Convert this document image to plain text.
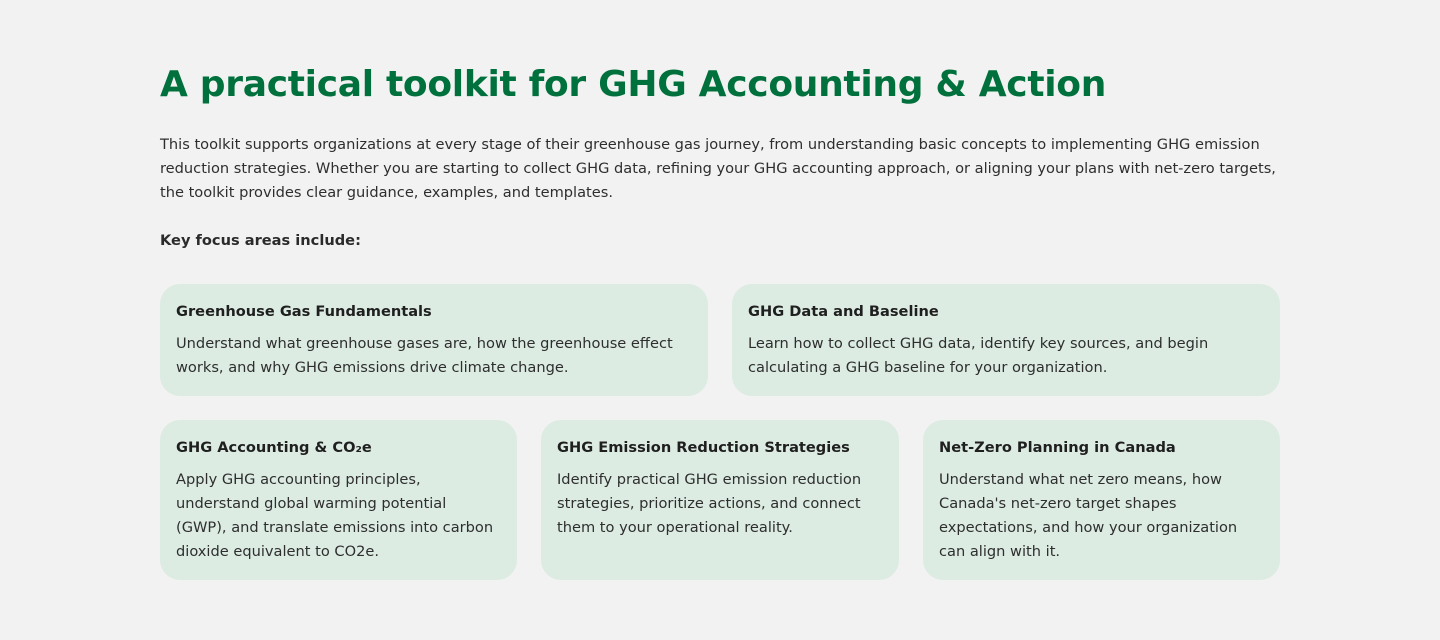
A practical toolkit for GHG Accounting & Action

This toolkit supports organizations at every stage of their greenhouse gas journey, from understanding basic concepts to implementing GHG emission reduction strategies. Whether you are starting to collect GHG data, refining your GHG accounting approach, or aligning your plans with net-zero targets, the toolkit provides clear guidance, examples, and templates.

Key focus areas include:

Greenhouse Gas Fundamentals

Understand what greenhouse gases are, how the greenhouse effect works, and why GHG emissions drive climate change.

GHG Data and Baseline

Learn how to collect GHG data, identify key sources, and begin calculating a GHG baseline for your organization.

GHG Accounting & CO₂e

Apply GHG accounting principles, understand global warming potential (GWP), and translate emissions into carbon dioxide equivalent to CO2e.

GHG Emission Reduction Strategies

Identify practical GHG emission reduction strategies, prioritize actions, and connect them to your operational reality.

Net-Zero Planning in Canada

Understand what net zero means, how Canada's net-zero target shapes expectations, and how your organization can align with it.
